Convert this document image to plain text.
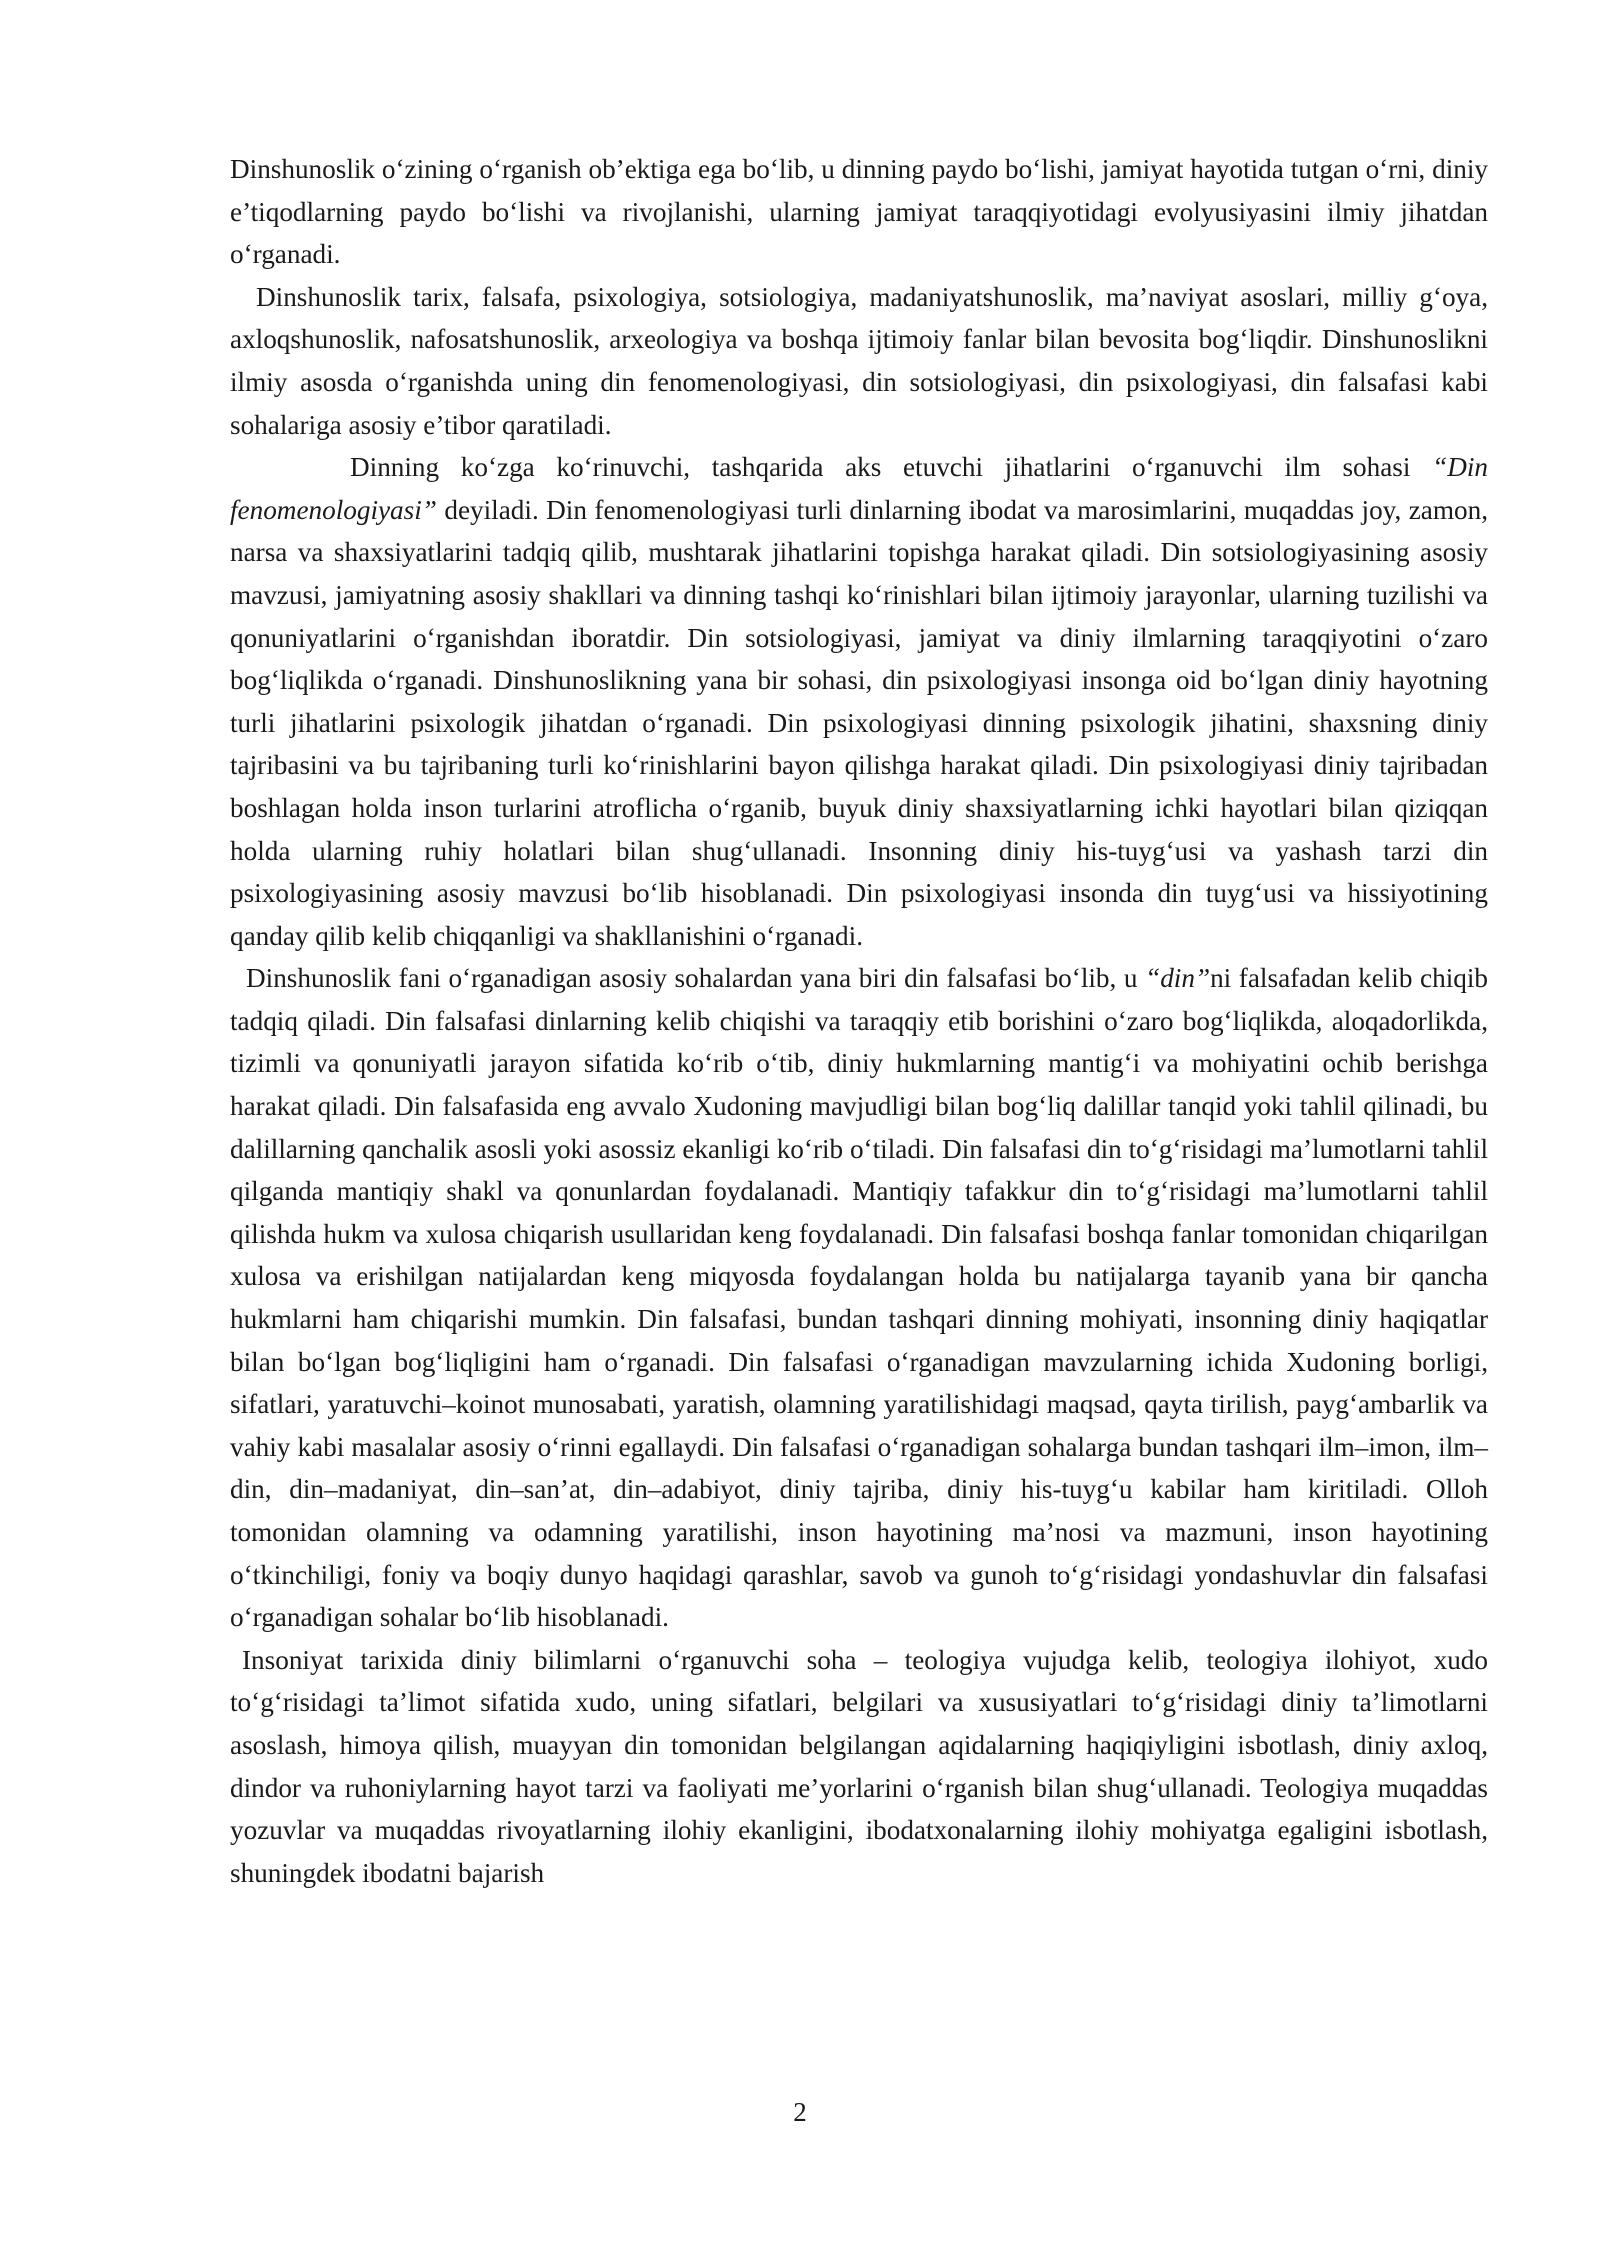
Dinshunoslik o‘zining o‘rganish ob’ektiga ega bo‘lib, u dinning paydo bo‘lishi, jamiyat hayotida tutgan o‘rni, diniy e’tiqodlarning paydo bo‘lishi va rivojlanishi, ularning jamiyat taraqqiyotidagi evolyusiyasini ilmiy jihatdan o‘rganadi.

Dinshunoslik tarix, falsafa, psixologiya, sotsiologiya, madaniyatshunoslik, ma’naviyat asoslari, milliy g‘oya, axloqshunoslik, nafosatshunoslik, arxeologiya va boshqa ijtimoiy fanlar bilan bevosita bog‘liqdir. Dinshunoslikni ilmiy asosda o‘rganishda uning din fenomenologiyasi, din sotsiologiyasi, din psixologiyasi, din falsafasi kabi sohalariga asosiy e’tibor qaratiladi.

Dinning ko‘zga ko‘rinuvchi, tashqarida aks etuvchi jihatlarini o‘rganuvchi ilm sohasi “Din fenomenologiyasi” deyiladi. Din fenomenologiyasi turli dinlarning ibodat va marosimlarini, muqaddas joy, zamon, narsa va shaxsiyatlarini tadqiq qilib, mushtarak jihatlarini topishga harakat qiladi. Din sotsiologiyasining asosiy mavzusi, jamiyatning asosiy shakllari va dinning tashqi ko‘rinishlari bilan ijtimoiy jarayonlar, ularning tuzilishi va qonuniyatlarini o‘rganishdan iboratdir. Din sotsiologiyasi, jamiyat va diniy ilmlarning taraqqiyotini o‘zaro bog‘liqlikda o‘rganadi. Dinshunoslikning yana bir sohasi, din psixologiyasi insonga oid bo‘lgan diniy hayotning turli jihatlarini psixologik jihatdan o‘rganadi. Din psixologiyasi dinning psixologik jihatini, shaxsning diniy tajribasini va bu tajribaning turli ko‘rinishlarini bayon qilishga harakat qiladi. Din psixologiyasi diniy tajribadan boshlagan holda inson turlarini atroflicha o‘rganib, buyuk diniy shaxsiyatlarning ichki hayotlari bilan qiziqqan holda ularning ruhiy holatlari bilan shug‘ullanadi. Insonning diniy his-tuyg‘usi va yashash tarzi din psixologiyasining asosiy mavzusi bo‘lib hisoblanadi. Din psixologiyasi insonda din tuyg‘usi va hissiyotining qanday qilib kelib chiqqanligi va shakllanishini o‘rganadi.

Dinshunoslik fani o‘rganadigan asosiy sohalardan yana biri din falsafasi bo‘lib, u “din”ni falsafadan kelib chiqib tadqiq qiladi. Din falsafasi dinlarning kelib chiqishi va taraqqiy etib borishini o‘zaro bog‘liqlikda, aloqadorlikda, tizimli va qonuniyatli jarayon sifatida ko‘rib o‘tib, diniy hukmlarning mantig‘i va mohiyatini ochib berishga harakat qiladi. Din falsafasida eng avvalo Xudoning mavjudligi bilan bog‘liq dalillar tanqid yoki tahlil qilinadi, bu dalillarning qanchalik asosli yoki asossiz ekanligi ko‘rib o‘tiladi. Din falsafasi din to‘g‘risidagi ma’lumotlarni tahlil qilganda mantiqiy shakl va qonunlardan foydalanadi. Mantiqiy tafakkur din to‘g‘risidagi ma’lumotlarni tahlil qilishda hukm va xulosa chiqarish usullaridan keng foydalanadi. Din falsafasi boshqa fanlar tomonidan chiqarilgan xulosa va erishilgan natijalardan keng miqyosda foydalangan holda bu natijalarga tayanib yana bir qancha hukmlarni ham chiqarishi mumkin. Din falsafasi, bundan tashqari dinning mohiyati, insonning diniy haqiqatlar bilan bo‘lgan bog‘liqligini ham o‘rganadi. Din falsafasi o‘rganadigan mavzularning ichida Xudoning borligi, sifatlari, yaratuvchi–koinot munosabati, yaratish, olamning yaratilishidagi maqsad, qayta tirilish, payg‘ambarlik va vahiy kabi masalalar asosiy o‘rinni egallaydi. Din falsafasi o‘rganadigan sohalarga bundan tashqari ilm–imon, ilm–din, din–madaniyat, din–san’at, din–adabiyot, diniy tajriba, diniy his-tuyg‘u kabilar ham kiritiladi. Olloh tomonidan olamning va odamning yaratilishi, inson hayotining ma’nosi va mazmuni, inson hayotining o‘tkinchiligi, foniy va boqiy dunyo haqidagi qarashlar, savob va gunoh to‘g‘risidagi yondashuvlar din falsafasi o‘rganadigan sohalar bo‘lib hisoblanadi.

Insoniyat tarixida diniy bilimlarni o‘rganuvchi soha – teologiya vujudga kelib, teologiya ilohiyot, xudo to‘g‘risidagi ta’limot sifatida xudo, uning sifatlari, belgilari va xususiyatlari to‘g‘risidagi diniy ta’limotlarni asoslash, himoya qilish, muayyan din tomonidan belgilangan aqidalarning haqiqiyligini isbotlash, diniy axloq, dindor va ruhoniylarning hayot tarzi va faoliyati me’yorlarini o‘rganish bilan shug‘ullanadi. Teologiya muqaddas yozuvlar va muqaddas rivoyatlarning ilohiy ekanligini, ibodatxonalarning ilohiy mohiyatga egaligini isbotlash, shuningdek ibodatni bajarish

2
